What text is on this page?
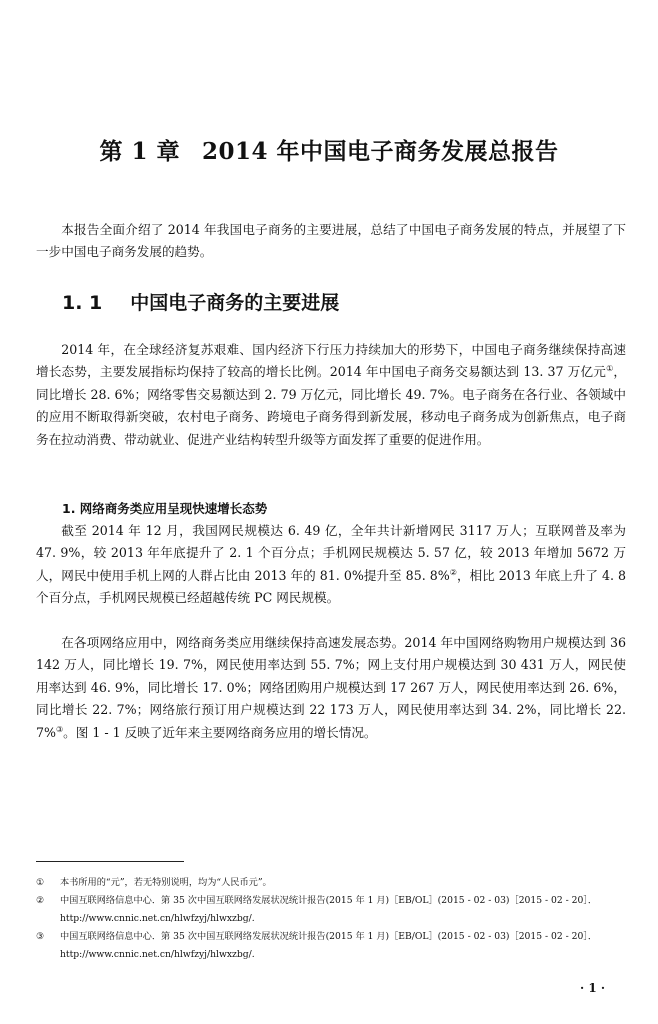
第 1 章 2014 年中国电子商务发展总报告

本报告全面介绍了 2014 年我国电子商务的主要进展，总结了中国电子商务发展的特点，并展望了下一步中国电子商务发展的趋势。

1. 1 中国电子商务的主要进展

2014 年，在全球经济复苏艰难、国内经济下行压力持续加大的形势下，中国电子商务继续保持高速增长态势，主要发展指标均保持了较高的增长比例。2014 年中国电子商务交易额达到 13. 37 万亿元①，同比增长 28. 6%；网络零售交易额达到 2. 79 万亿元，同比增长 49. 7%。电子商务在各行业、各领域中的应用不断取得新突破，农村电子商务、跨境电子商务得到新发展，移动电子商务成为创新焦点，电子商务在拉动消费、带动就业、促进产业结构转型升级等方面发挥了重要的促进作用。

1. 网络商务类应用呈现快速增长态势

截至 2014 年 12 月，我国网民规模达 6. 49 亿，全年共计新增网民 3117 万人；互联网普及率为 47. 9%，较 2013 年年底提升了 2. 1 个百分点；手机网民规模达 5. 57 亿，较 2013 年增加 5672 万人，网民中使用手机上网的人群占比由 2013 年的 81. 0%提升至 85. 8%②，相比 2013 年底上升了 4. 8 个百分点，手机网民规模已经超越传统 PC 网民规模。

在各项网络应用中，网络商务类应用继续保持高速发展态势。2014 年中国网络购物用户规模达到 36 142 万人，同比增长 19. 7%，网民使用率达到 55. 7%；网上支付用户规模达到 30 431 万人，网民使用率达到 46. 9%，同比增长 17. 0%；网络团购用户规模达到 17 267 万人，网民使用率达到 26. 6%，同比增长 22. 7%；网络旅行预订用户规模达到 22 173 万人，网民使用率达到 34. 2%，同比增长 22. 7%③。图 1 - 1 反映了近年来主要网络商务应用的增长情况。

①	本书所用的“元”，若无特别说明，均为“人民币元”。
②	中国互联网络信息中心．第 35 次中国互联网络发展状况统计报告(2015 年 1 月)［EB/OL］(2015 - 02 - 03)［2015 - 02 - 20］．http://www.cnnic.net.cn/hlwfzyj/hlwxzbg/.
③	中国互联网络信息中心．第 35 次中国互联网络发展状况统计报告(2015 年 1 月)［EB/OL］(2015 - 02 - 03)［2015 - 02 - 20］．http://www.cnnic.net.cn/hlwfzyj/hlwxzbg/.
· 1 ·
